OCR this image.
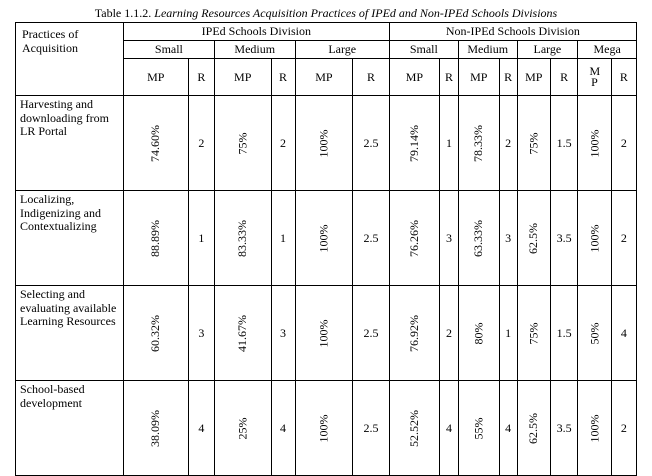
Table 1.1.2. Learning Resources Acquisition Practices of IPEd and Non-IPEd Schools Divisions
Practices of Acquisition	IPEd Schools Division						Non-IPEd Schools Division							
	Small		Medium		Large		Small		Medium		Large		Mega	
	MP	R	MP	R	MP	R	MP	R	MP	R	MP	R	M P	R
Harvesting and downloading from LR Portal	74.60%	2	75%	2	100%	2.5	79.14%	1	78.33%	2	75%	1.5	100%	2
Localizing, Indigenizing and Contextualizing	88.89%	1	83.33%	1	100%	2.5	76.26%	3	63.33%	3	62.5%	3.5	100%	2
Selecting and evaluating available Learning Resources	60.32%	3	41.67%	3	100%	2.5	76.92%	2	80%	1	75%	1.5	50%	4
School-based development	38.09%	4	25%	4	100%	2.5	52.52%	4	55%	4	62.5%	3.5	100%	2
